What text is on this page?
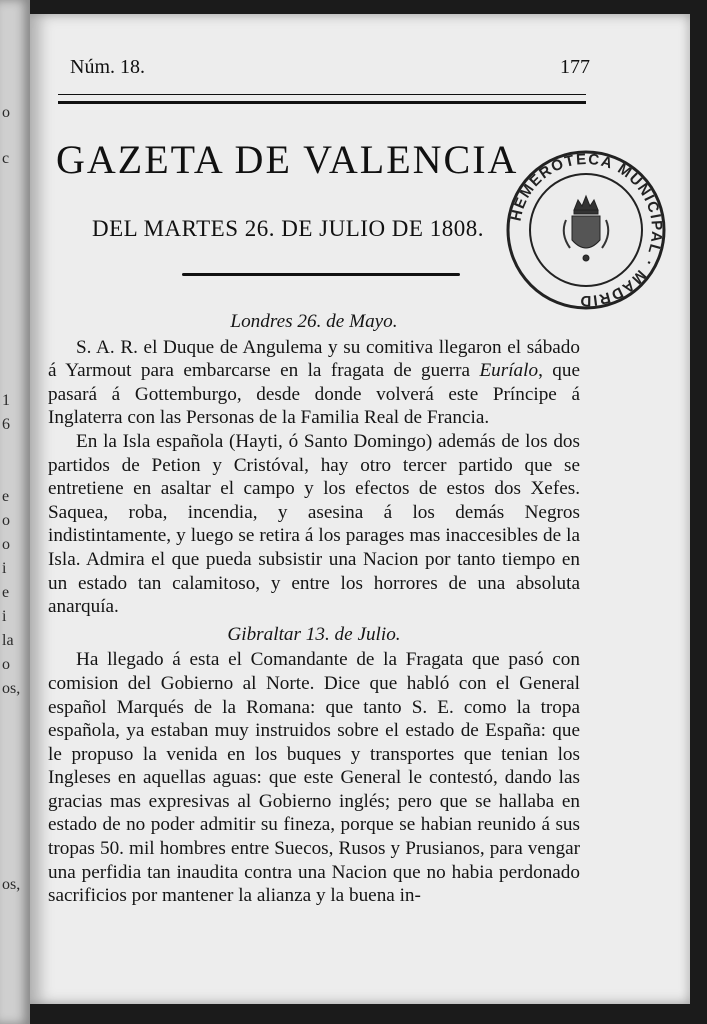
o
c
1
6
e
o
o
i
e
i
la
o
os,
os,
Núm. 18.	177
GAZETA DE VALENCIA
DEL MARTES 26. DE JULIO DE 1808.
HEMEROTECA MUNICIPAL · MADRID

Londres 26. de Mayo.

S. A. R. el Duque de Angulema y su comitiva llegaron el sábado á Yarmout para embarcarse en la fragata de guerra Euríalo, que pasará á Gottemburgo, desde donde volverá este Príncipe á Inglaterra con las Personas de la Familia Real de Francia.

En la Isla española (Hayti, ó Santo Domingo) además de los dos partidos de Petion y Cristóval, hay otro tercer partido que se entretiene en asaltar el campo y los efectos de estos dos Xefes. Saquea, roba, incendia, y asesina á los demás Negros indistintamente, y luego se retira á los parages mas inaccesibles de la Isla. Admira el que pueda subsistir una Nacion por tanto tiempo en un estado tan calamitoso, y entre los horrores de una absoluta anarquía.

Gibraltar 13. de Julio.

Ha llegado á esta el Comandante de la Fragata que pasó con comision del Gobierno al Norte. Dice que habló con el General español Marqués de la Romana: que tanto S. E. como la tropa española, ya estaban muy instruidos sobre el estado de España: que le propuso la venida en los buques y transportes que tenian los Ingleses en aquellas aguas: que este General le contestó, dando las gracias mas expresivas al Gobierno inglés; pero que se hallaba en estado de no poder admitir su fineza, porque se habian reunido á sus tropas 50. mil hombres entre Suecos, Rusos y Prusianos, para vengar una perfidia tan inaudita contra una Nacion que no habia perdonado sacrificios por mantener la alianza y la buena in-
